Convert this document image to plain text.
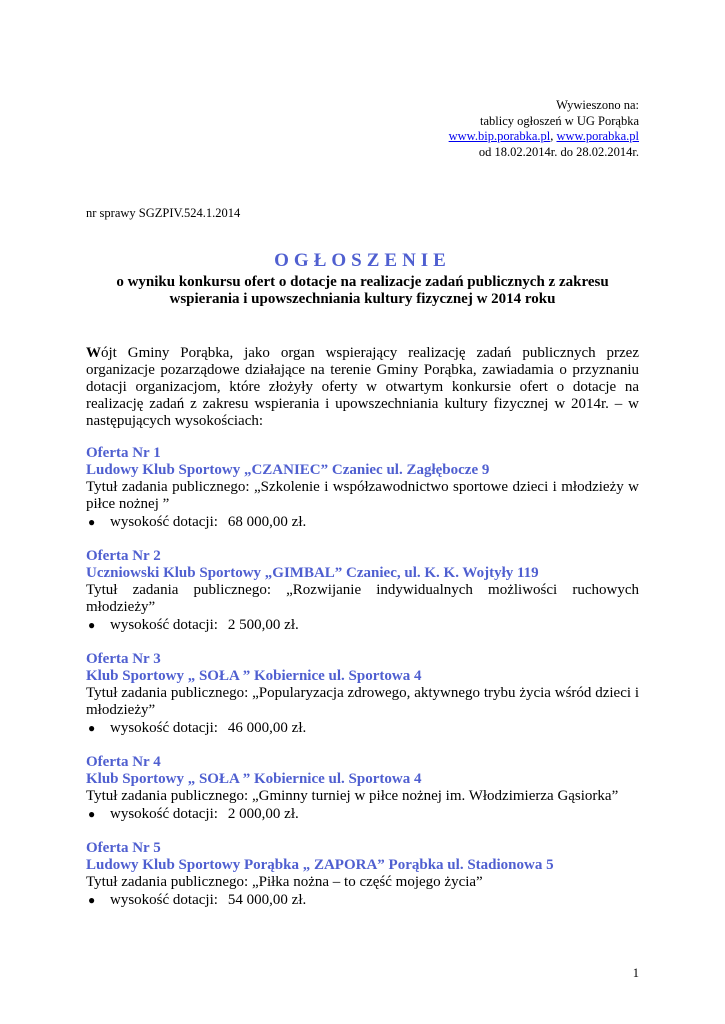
Wywieszono na:
tablicy ogłoszeń w UG Porąbka
www.bip.porabka.pl, www.porabka.pl
od 18.02.2014r. do 28.02.2014r.
nr sprawy SGZPIV.524.1.2014
OGŁOSZENIE
o wyniku konkursu ofert o dotacje na realizacje zadań publicznych z zakresu wspierania i upowszechniania kultury fizycznej w 2014 roku
Wójt Gminy Porąbka, jako organ wspierający realizację zadań publicznych przez organizacje pozarządowe działające na terenie Gminy Porąbka, zawiadamia o przyznaniu dotacji organizacjom, które złożyły oferty w otwartym konkursie ofert o dotacje na realizację zadań z zakresu wspierania i upowszechniania kultury fizycznej w 2014r. – w następujących wysokościach:
Oferta Nr 1
Ludowy Klub Sportowy „CZANIEC” Czaniec ul. Zagłębocze 9
Tytuł zadania publicznego: „Szkolenie i współzawodnictwo sportowe dzieci i młodzieży w piłce nożnej ”
● wysokość dotacji: 68 000,00 zł.
Oferta Nr 2
Uczniowski Klub Sportowy „GIMBAL” Czaniec, ul. K. K. Wojtyły 119
Tytuł zadania publicznego: „Rozwijanie indywidualnych możliwości ruchowych młodzieży”
● wysokość dotacji: 2 500,00 zł.
Oferta Nr 3
Klub Sportowy „ SOŁA ” Kobiernice ul. Sportowa 4
Tytuł zadania publicznego: „Popularyzacja zdrowego, aktywnego trybu życia wśród dzieci i młodzieży”
● wysokość dotacji: 46 000,00 zł.
Oferta Nr 4
Klub Sportowy „ SOŁA ” Kobiernice ul. Sportowa 4
Tytuł zadania publicznego: „Gminny turniej w piłce nożnej im. Włodzimierza Gąsiorka”
● wysokość dotacji: 2 000,00 zł.
Oferta Nr 5
Ludowy Klub Sportowy Porąbka „ ZAPORA” Porąbka ul. Stadionowa 5
Tytuł zadania publicznego: „Piłka nożna – to część mojego życia”
● wysokość dotacji: 54 000,00 zł.
1
